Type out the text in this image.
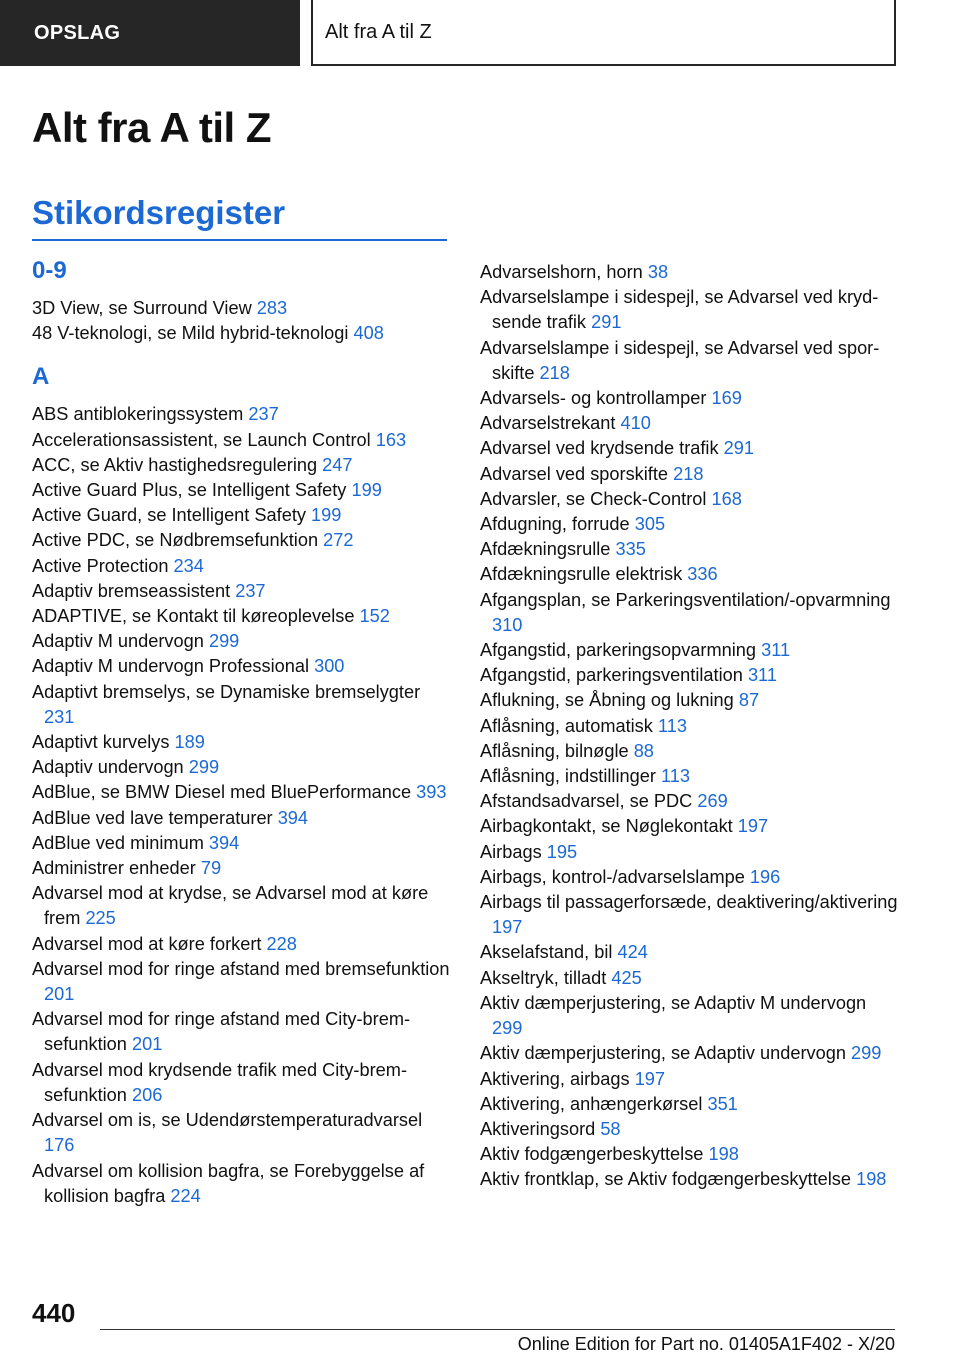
OPSLAG	Alt fra A til Z
Alt fra A til Z
Stikordsregister
0-9

3D View, se Surround View 283

48 V-teknologi, se Mild hybrid-teknologi 408

A

ABS antiblokeringssystem 237

Accelerationsassistent, se Launch Control 163

ACC, se Aktiv hastighedsregulering 247

Active Guard Plus, se Intelligent Safety 199

Active Guard, se Intelligent Safety 199

Active PDC, se Nødbremsefunktion 272

Active Protection 234

Adaptiv bremseassistent 237

ADAPTIVE, se Kontakt til køreoplevelse 152

Adaptiv M undervogn 299

Adaptiv M undervogn Professional 300

Adaptivt bremselys, se Dynamiske bremselygter 231

Adaptivt kurvelys 189

Adaptiv undervogn 299

AdBlue, se BMW Diesel med BluePerformance 393

AdBlue ved lave temperaturer 394

AdBlue ved minimum 394

Administrer enheder 79

Advarsel mod at krydse, se Advarsel mod at køre frem 225

Advarsel mod at køre forkert 228

Advarsel mod for ringe afstand med bremsefunktion 201

Advarsel mod for ringe afstand med City-bremsefunktion 201

Advarsel mod krydsende trafik med City-bremsefunktion 206

Advarsel om is, se Udendørstemperaturadvarsel 176

Advarsel om kollision bagfra, se Forebyggelse af kollision bagfra 224

Advarselshorn, horn 38

Advarselslampe i sidespejl, se Advarsel ved krydsende trafik 291

Advarselslampe i sidespejl, se Advarsel ved sporskifte 218

Advarsels- og kontrollamper 169

Advarselstrekant 410

Advarsel ved krydsende trafik 291

Advarsel ved sporskifte 218

Advarsler, se Check-Control 168

Afdugning, forrude 305

Afdækningsrulle 335

Afdækningsrulle elektrisk 336

Afgangsplan, se Parkeringsventilation/-opvarmning 310

Afgangstid, parkeringsopvarmning 311

Afgangstid, parkeringsventilation 311

Aflukning, se Åbning og lukning 87

Aflåsning, automatisk 113

Aflåsning, bilnøgle 88

Aflåsning, indstillinger 113

Afstandsadvarsel, se PDC 269

Airbagkontakt, se Nøglekontakt 197

Airbags 195

Airbags, kontrol-/advarselslampe 196

Airbags til passagerforsæde, deaktivering/aktivering 197

Akselafstand, bil 424

Akseltryk, tilladt 425

Aktiv dæmperjustering, se Adaptiv M undervogn 299

Aktiv dæmperjustering, se Adaptiv undervogn 299

Aktivering, airbags 197

Aktivering, anhængerkørsel 351

Aktiveringsord 58

Aktiv fodgængerbeskyttelse 198

Aktiv frontklap, se Aktiv fodgængerbeskyttelse 198

440
Online Edition for Part no. 01405A1F402 - X/20
